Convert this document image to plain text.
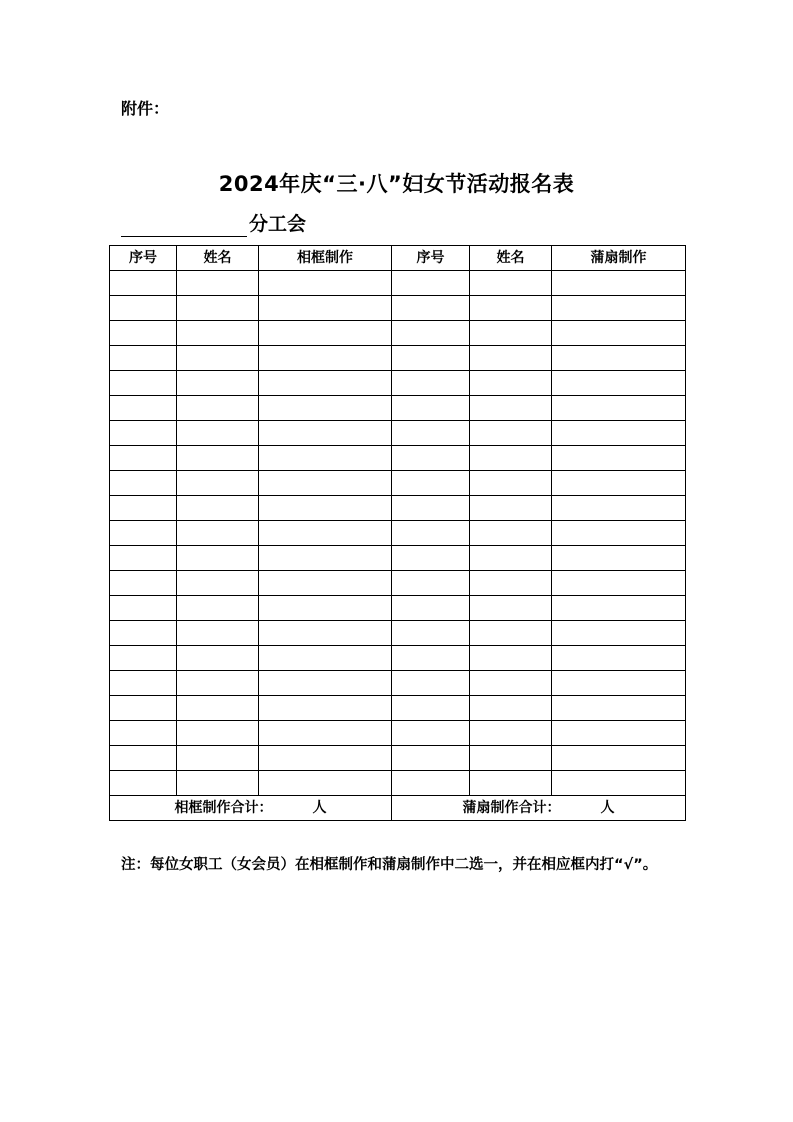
附件：
2024年庆“三·八”妇女节活动报名表
分工会
序号	姓名	相框制作	序号	姓名	蒲扇制作

相框制作合计： 人			蒲扇制作合计： 人		
注：每位女职工（女会员）在相框制作和蒲扇制作中二选一，并在相应框内打“√”。
